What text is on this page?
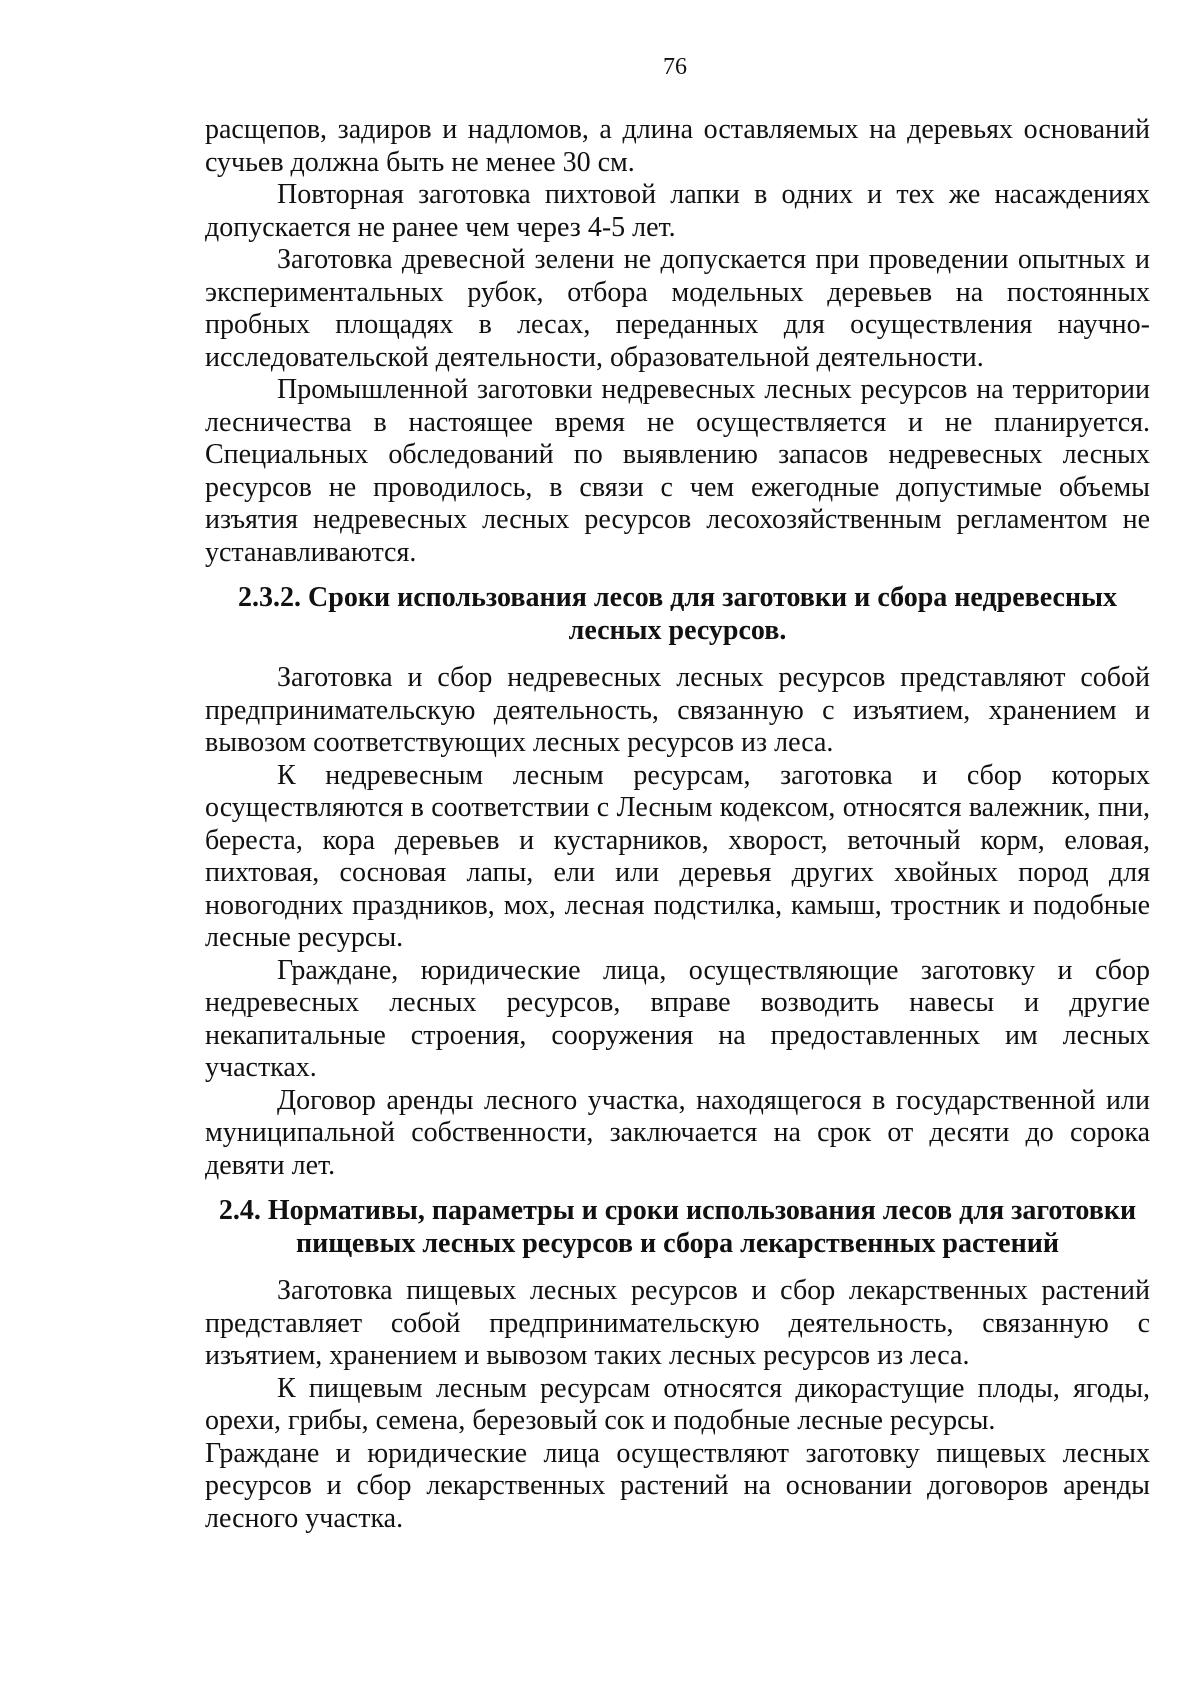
76

расщепов, задиров и надломов, а длина оставляемых на деревьях оснований сучьев должна быть не менее 30 см.

Повторная заготовка пихтовой лапки в одних и тех же насаждениях допускается не ранее чем через 4-5 лет.

Заготовка древесной зелени не допускается при проведении опытных и экспериментальных рубок, отбора модельных деревьев на постоянных пробных площадях в лесах, переданных для осуществления научно-исследовательской деятельности, образовательной деятельности.

Промышленной заготовки недревесных лесных ресурсов на территории лесничества в настоящее время не осуществляется и не планируется. Специальных обследований по выявлению запасов недревесных лесных ресурсов не проводилось, в связи с чем ежегодные допустимые объемы изъятия недревесных лесных ресурсов лесохозяйственным регламентом не устанавливаются.

2.3.2. Сроки использования лесов для заготовки и сбора недревесных лесных ресурсов.

Заготовка и сбор недревесных лесных ресурсов представляют собой предпринимательскую деятельность, связанную с изъятием, хранением и вывозом соответствующих лесных ресурсов из леса.

К недревесным лесным ресурсам, заготовка и сбор которых осуществляются в соответствии с Лесным кодексом, относятся валежник, пни, береста, кора деревьев и кустарников, хворост, веточный корм, еловая, пихтовая, сосновая лапы, ели или деревья других хвойных пород для новогодних праздников, мох, лесная подстилка, камыш, тростник и подобные лесные ресурсы.

Граждане, юридические лица, осуществляющие заготовку и сбор недревесных лесных ресурсов, вправе возводить навесы и другие некапитальные строения, сооружения на предоставленных им лесных участках.

Договор аренды лесного участка, находящегося в государственной или муниципальной собственности, заключается на срок от десяти до сорока девяти лет.

2.4. Нормативы, параметры и сроки использования лесов для заготовки пищевых лесных ресурсов и сбора лекарственных растений

Заготовка пищевых лесных ресурсов и сбор лекарственных растений представляет собой предпринимательскую деятельность, связанную с изъятием, хранением и вывозом таких лесных ресурсов из леса.

К пищевым лесным ресурсам относятся дикорастущие плоды, ягоды, орехи, грибы, семена, березовый сок и подобные лесные ресурсы.

Граждане и юридические лица осуществляют заготовку пищевых лесных ресурсов и сбор лекарственных растений на основании договоров аренды лесного участка.
